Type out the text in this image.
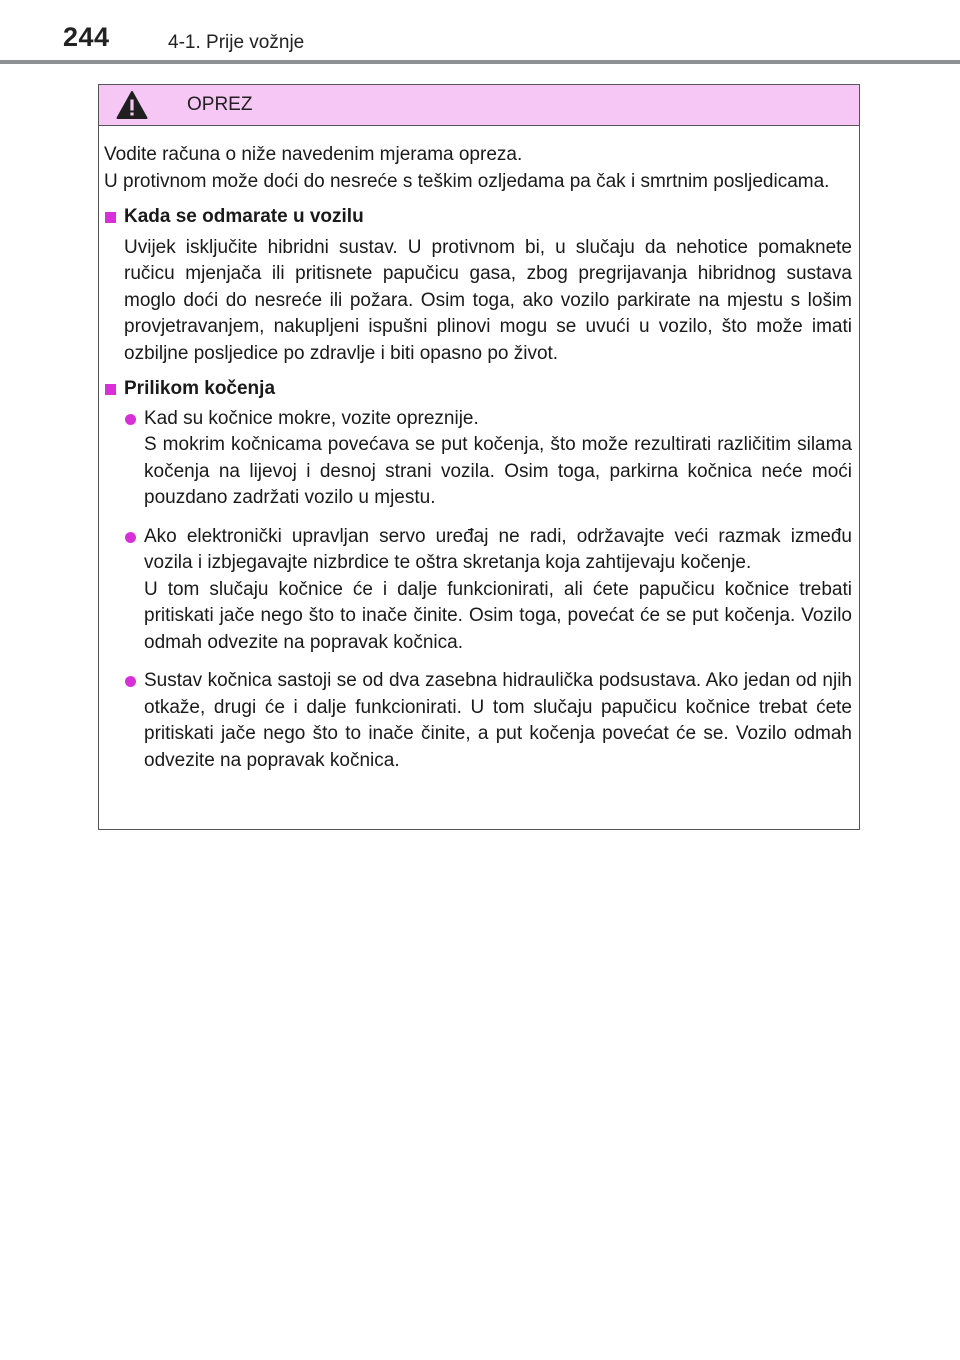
244	4-1. Prije vožnje
OPREZ

Vodite računa o niže navedenim mjerama opreza.

U protivnom može doći do nesreće s teškim ozljedama pa čak i smrtnim posljedicama.

Kada se odmarate u vozilu

Uvijek isključite hibridni sustav. U protivnom bi, u slučaju da nehotice pomaknete ručicu mjenjača ili pritisnete papučicu gasa, zbog pregrijavanja hibridnog sustava moglo doći do nesreće ili požara. Osim toga, ako vozilo parkirate na mjestu s lošim provjetravanjem, nakupljeni ispušni plinovi mogu se uvući u vozilo, što može imati ozbiljne posljedice po zdravlje i biti opasno po život.

Prilikom kočenja

Kad su kočnice mokre, vozite opreznije.

S mokrim kočnicama povećava se put kočenja, što može rezultirati različitim silama kočenja na lijevoj i desnoj strani vozila. Osim toga, parkirna kočnica neće moći pouzdano zadržati vozilo u mjestu.

Ako elektronički upravljan servo uređaj ne radi, održavajte veći razmak između vozila i izbjegavajte nizbrdice te oštra skretanja koja zahtijevaju kočenje.

U tom slučaju kočnice će i dalje funkcionirati, ali ćete papučicu kočnice trebati pritiskati jače nego što to inače činite. Osim toga, povećat će se put kočenja. Vozilo odmah odvezite na popravak kočnica.

Sustav kočnica sastoji se od dva zasebna hidraulička podsustava. Ako jedan od njih otkaže, drugi će i dalje funkcionirati. U tom slučaju papučicu kočnice trebat ćete pritiskati jače nego što to inače činite, a put kočenja povećat će se. Vozilo odmah odvezite na popravak kočnica.
